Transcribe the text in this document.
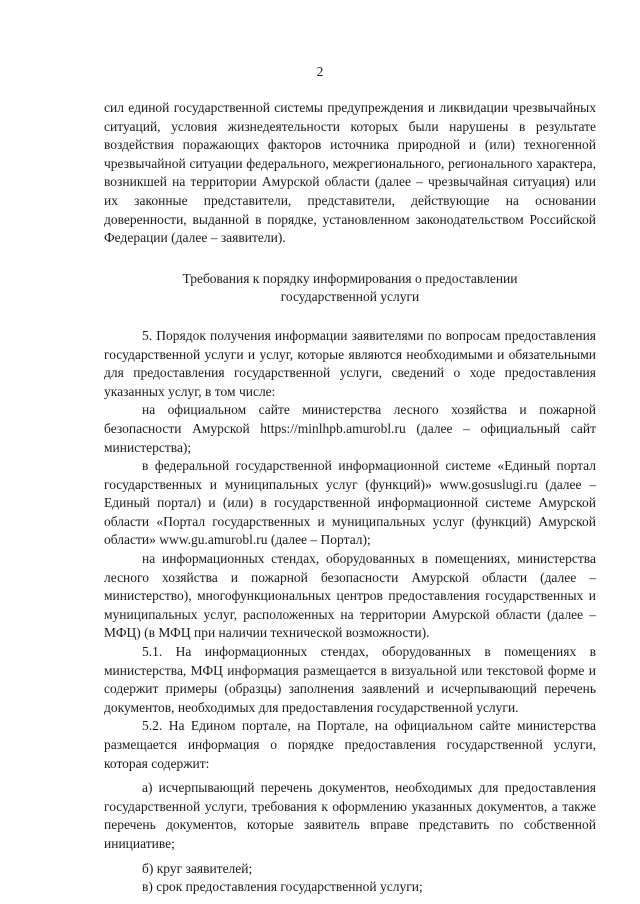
2

сил единой государственной системы предупреждения и ликвидации чрезвычайных ситуаций, условия жизнедеятельности которых были нарушены в результате воздействия поражающих факторов источника природной и (или) техногенной чрезвычайной ситуации федерального, межрегионального, регионального характера, возникшей на территории Амурской области (далее – чрезвычайная ситуация) или их законные представители, представители, действующие на основании доверенности, выданной в порядке, установленном законодательством Российской Федерации (далее – заявители).

Требования к порядку информирования о предоставлении государственной услуги

5. Порядок получения информации заявителями по вопросам предоставления государственной услуги и услуг, которые являются необходимыми и обязательными для предоставления государственной услуги, сведений о ходе предоставления указанных услуг, в том числе:

на официальном сайте министерства лесного хозяйства и пожарной безопасности Амурской https://minlhpb.amurobl.ru (далее – официальный сайт министерства);

в федеральной государственной информационной системе «Единый портал государственных и муниципальных услуг (функций)» www.gosuslugi.ru (далее – Единый портал) и (или) в государственной информационной системе Амурской области «Портал государственных и муниципальных услуг (функций) Амурской области» www.gu.amurobl.ru (далее – Портал);

на информационных стендах, оборудованных в помещениях, министерства лесного хозяйства и пожарной безопасности Амурской области (далее – министерство), многофункциональных центров предоставления государственных и муниципальных услуг, расположенных на территории Амурской области (далее – МФЦ) (в МФЦ при наличии технической возможности).

5.1. На информационных стендах, оборудованных в помещениях в министерства, МФЦ информация размещается в визуальной или текстовой форме и содержит примеры (образцы) заполнения заявлений и исчерпывающий перечень документов, необходимых для предоставления государственной услуги.

5.2. На Едином портале, на Портале, на официальном сайте министерства размещается информация о порядке предоставления государственной услуги, которая содержит:

а) исчерпывающий перечень документов, необходимых для предоставления государственной услуги, требования к оформлению указанных документов, а также перечень документов, которые заявитель вправе представить по собственной инициативе;

б) круг заявителей;

в) срок предоставления государственной услуги;
